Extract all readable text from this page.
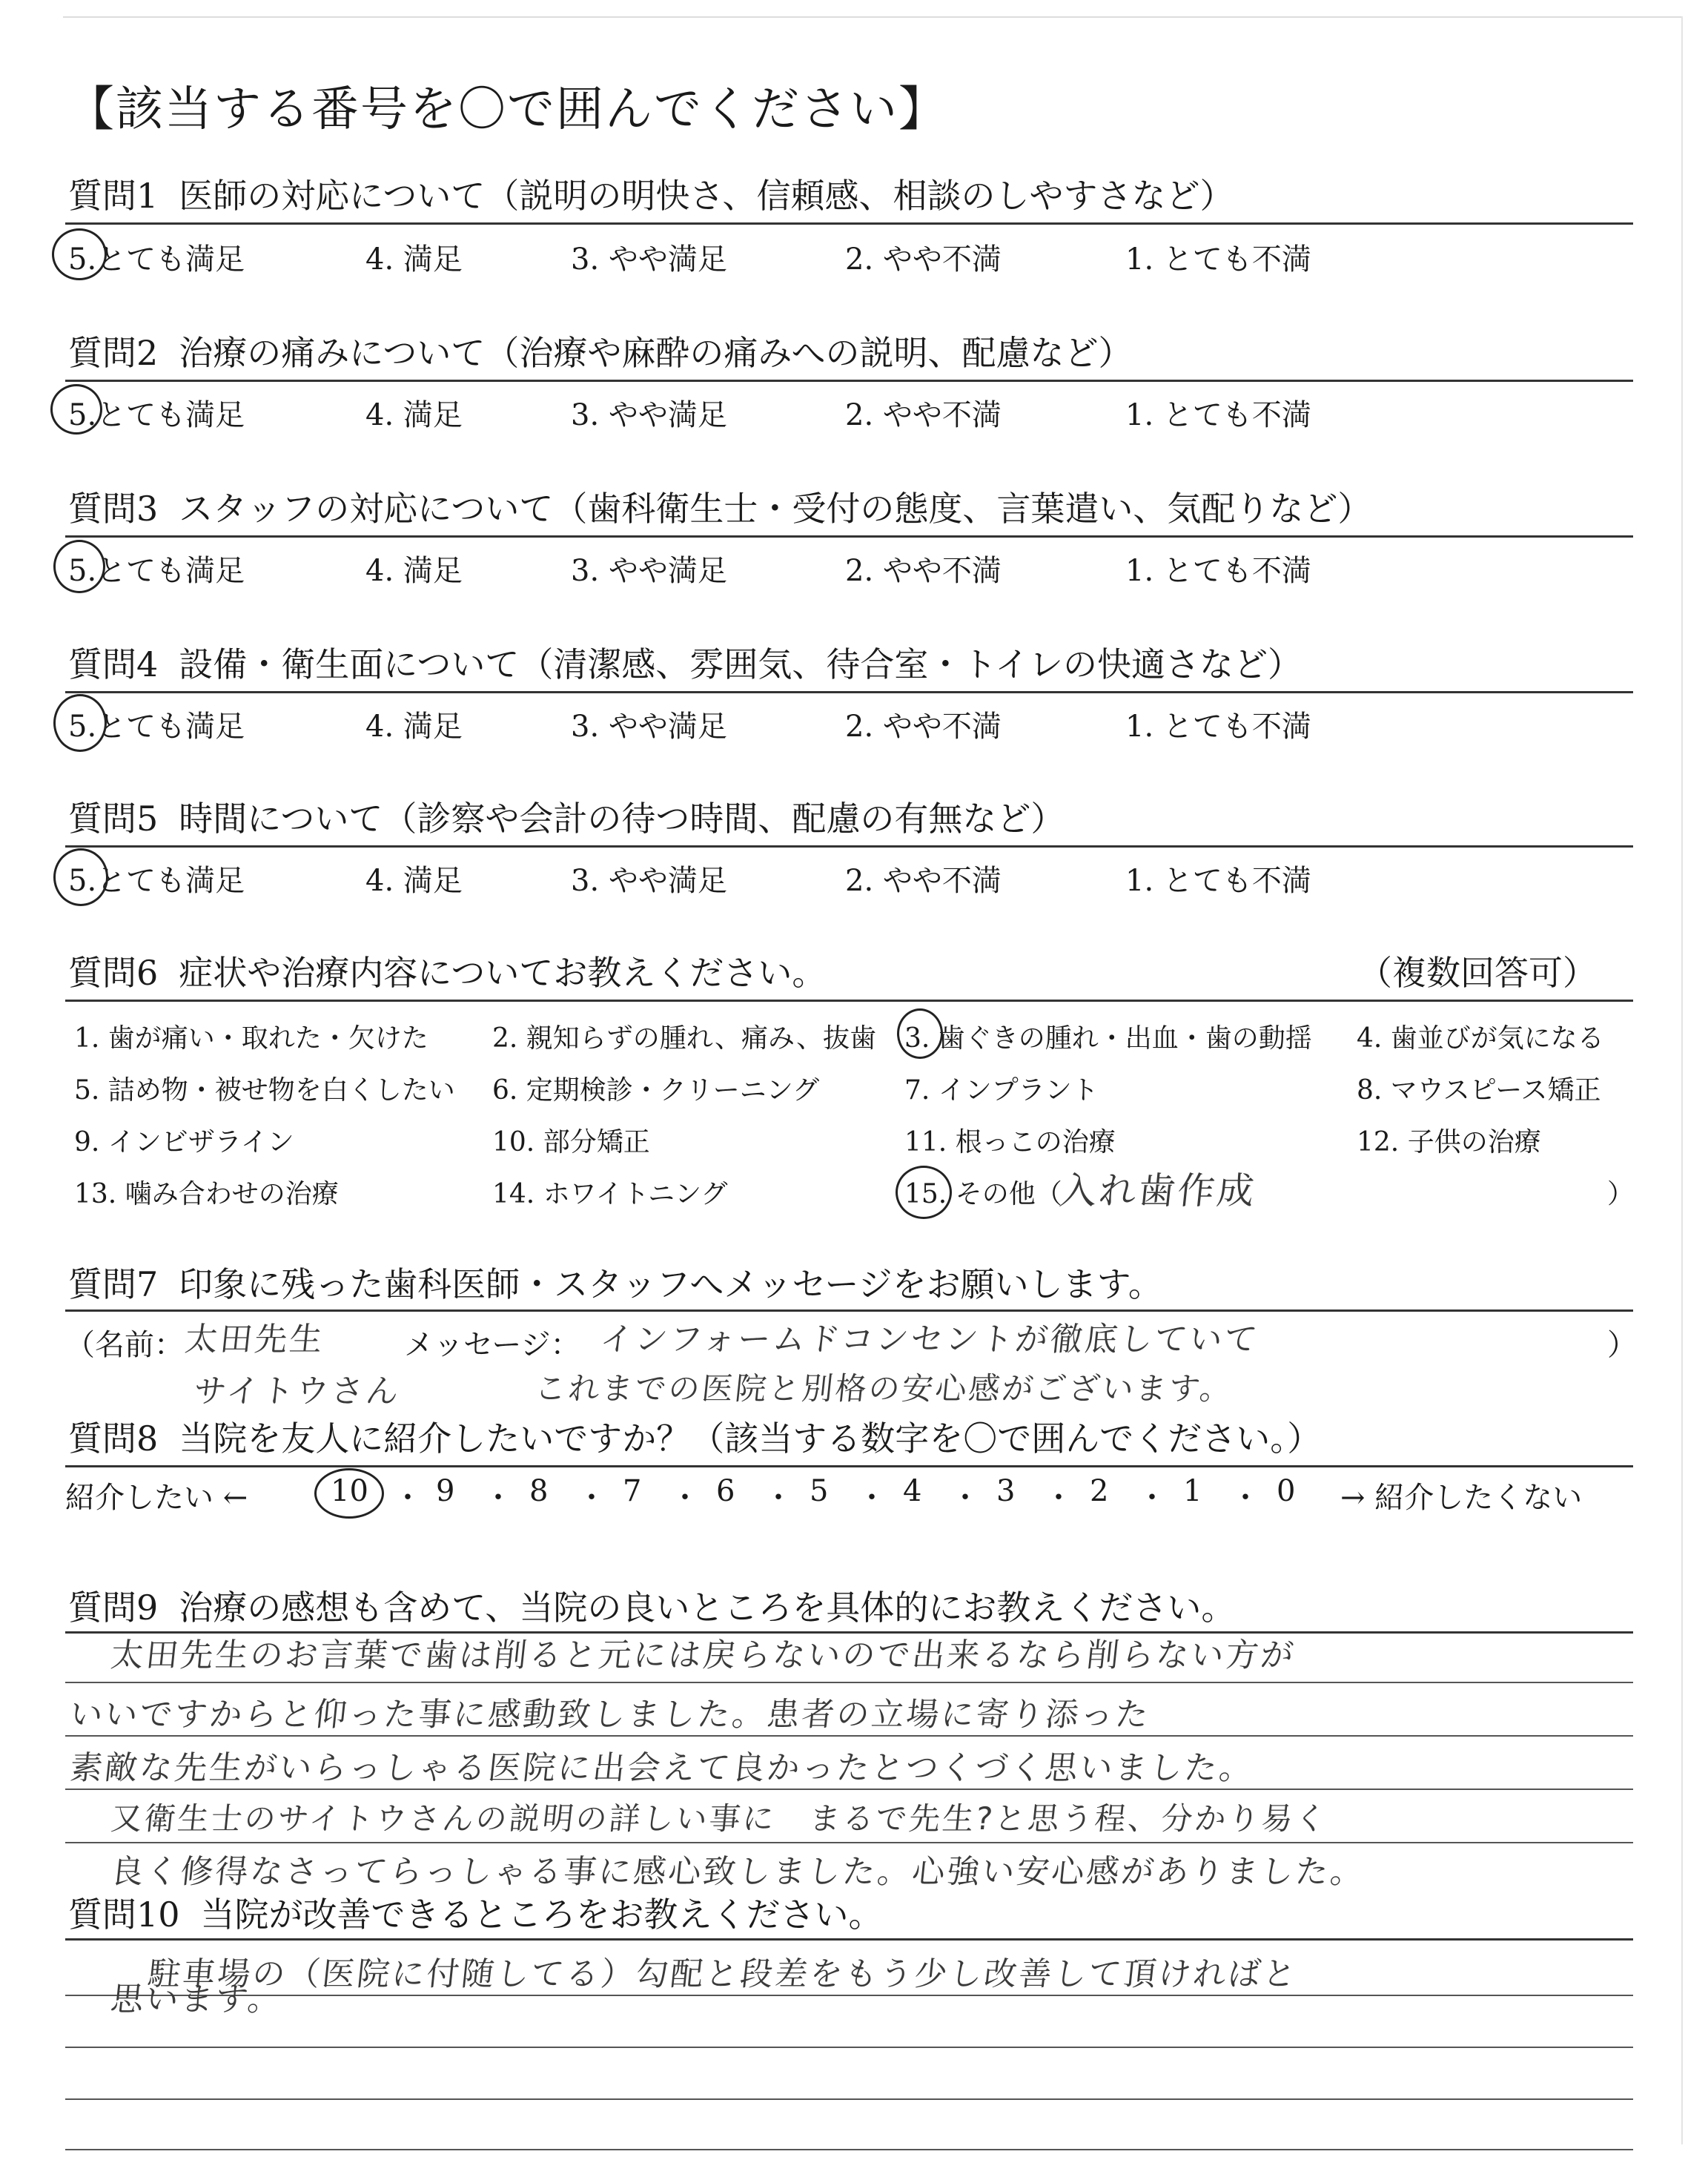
【該当する番号を〇で囲んでください】
質問1 医師の対応について（説明の明快さ、信頼感、相談のしやすさなど）
5.とても満足	4. 満足	3. やや満足	2. やや不満	1. とても不満
質問2 治療の痛みについて（治療や麻酔の痛みへの説明、配慮など）
5.とても満足	4. 満足	3. やや満足	2. やや不満	1. とても不満
質問3 スタッフの対応について（歯科衛生士・受付の態度、言葉遣い、気配りなど）
5.とても満足	4. 満足	3. やや満足	2. やや不満	1. とても不満
質問4 設備・衛生面について（清潔感、雰囲気、待合室・トイレの快適さなど）
5.とても満足	4. 満足	3. やや満足	2. やや不満	1. とても不満
質問5 時間について（診察や会計の待つ時間、配慮の有無など）
5.とても満足	4. 満足	3. やや満足	2. やや不満	1. とても不満
質問6 症状や治療内容についてお教えください。	（複数回答可）
1. 歯が痛い・取れた・欠けた 2. 親知らずの腫れ、痛み、抜歯 3. 歯ぐきの腫れ・出血・歯の動揺 4. 歯並びが気になる
5. 詰め物・被せ物を白くしたい 6. 定期検診・クリーニング	7. インプラント	8. マウスピース矯正
9. インビザライン	10. 部分矯正	11. 根っこの治療	12. 子供の治療
13. 噛み合わせの治療	14. ホワイトニング	15. その他（
入れ歯作成	）
質問7 印象に残った歯科医師・スタッフへメッセージをお願いします。
（名前：
太田先生
サイトウさん
メッセージ： インフォームドコンセントが徹底していて
これまでの医院と別格の安心感がございます。
）
質問8 当院を友人に紹介したいですか？（該当する数字を〇で囲んでください。）
紹介したい ←	10 ・ 9 ・ 8 ・ 7 ・ 6 ・ 5 ・ 4 ・ 3 ・ 2 ・ 1 ・ 0 → 紹介したくない
質問9 治療の感想も含めて、当院の良いところを具体的にお教えください。
太田先生のお言葉で歯は削ると元には戻らないので出来るなら削らない方が
いいですからと仰った事に感動致しました。患者の立場に寄り添った
素敵な先生がいらっしゃる医院に出会えて良かったとつくづく思いました。
又衛生士のサイトウさんの説明の詳しい事に　まるで先生?と思う程、分かり易く
良く修得なさってらっしゃる事に感心致しました。心強い安心感がありました。
質問10 当院が改善できるところをお教えください。
駐車場の（医院に付随してる）勾配と段差をもう少し改善して頂ければと
思います。
